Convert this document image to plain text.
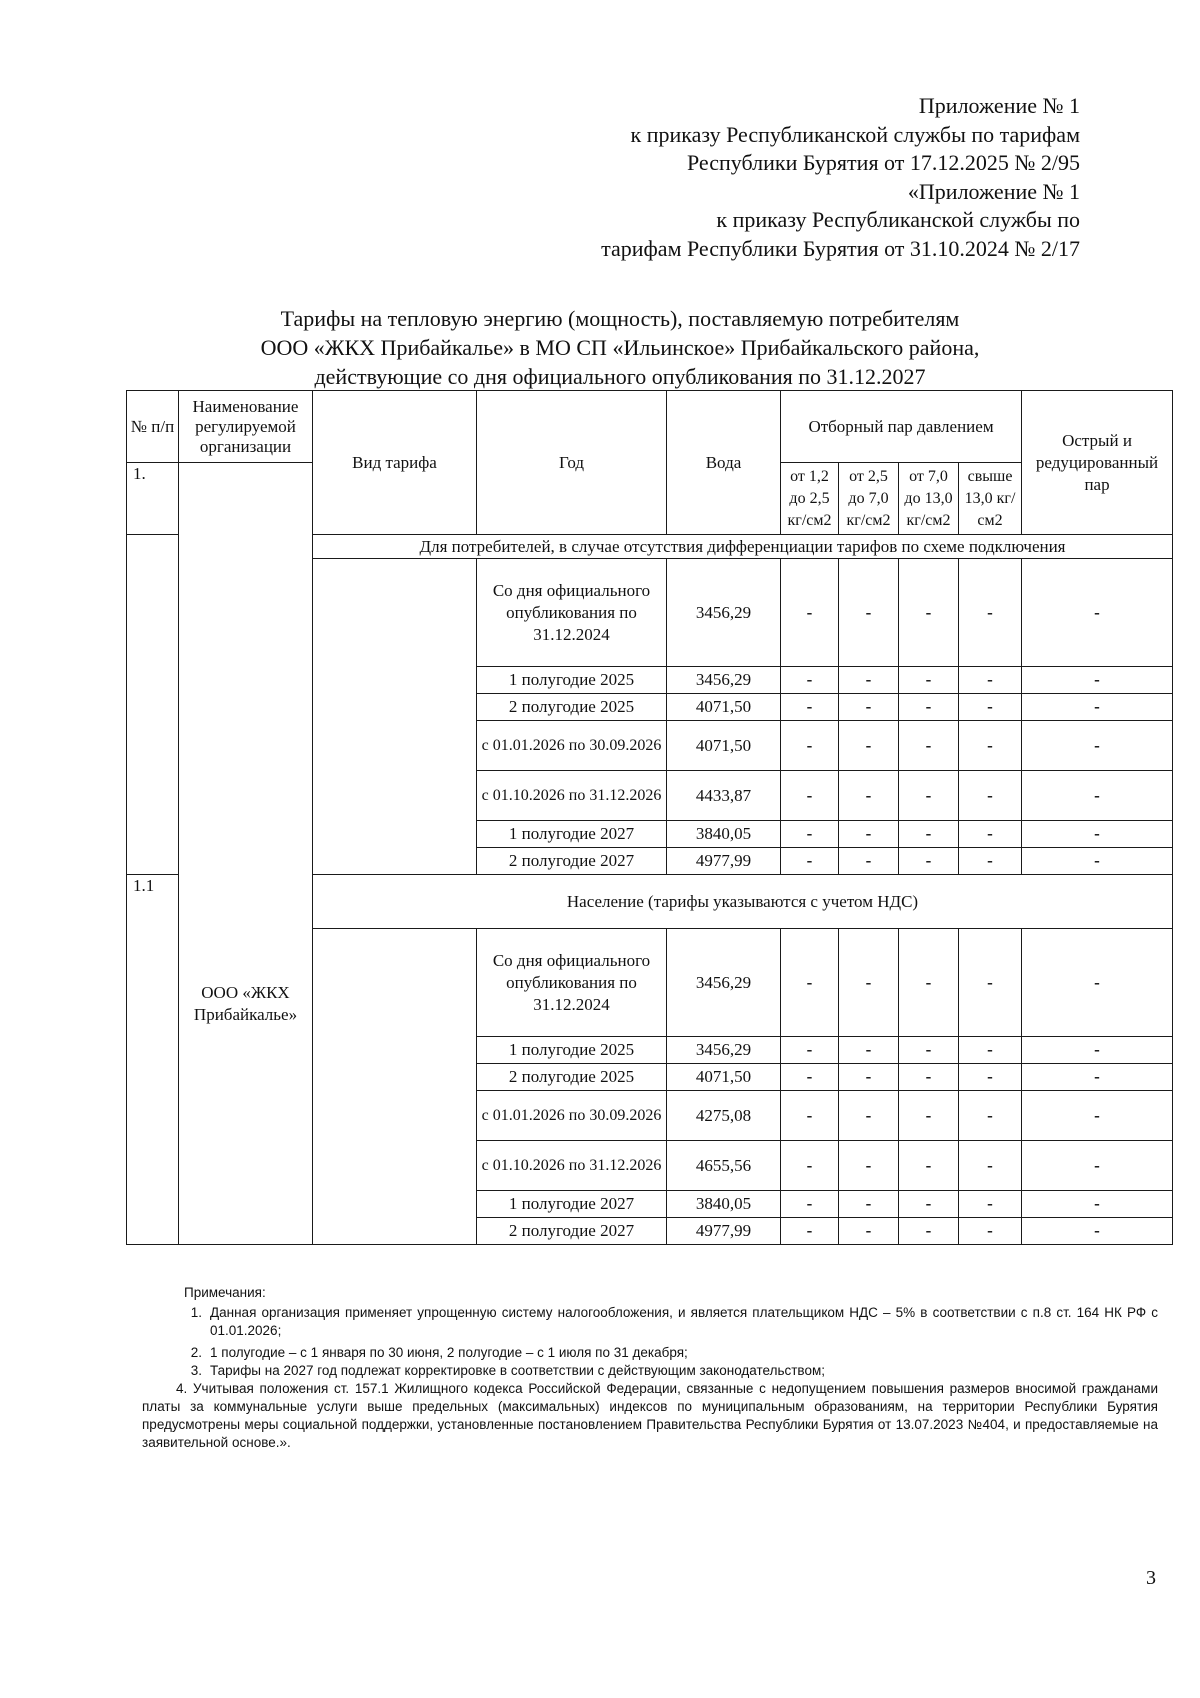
Приложение № 1
к приказу Республиканской службы по тарифам
Республики Бурятия от 17.12.2025 № 2/95
«Приложение № 1
к приказу Республиканской службы по
тарифам Республики Бурятия от 31.10.2024 № 2/17
Тарифы на тепловую энергию (мощность), поставляемую потребителям
ООО «ЖКХ Прибайкалье» в МО СП «Ильинское» Прибайкальского района,
действующие со дня официального опубликования по 31.12.2027
№ п/п	Наименование регулируемой организации	Вид тарифа	Год	Вода	Отборный пар давлением				Острый и редуцированный пар
1.	ООО «ЖКХ Прибайкалье»				от 1,2 до 2,5 кг/см2	от 2,5 до 7,0 кг/см2	от 7,0 до 13,0 кг/см2	свыше 13,0 кг/см2	
		Для потребителей, в случае отсутствия дифференциации тарифов по схеме подключения							
			Со дня официального опубликования по 31.12.2024	3456,29	-	-	-	-	-
			1 полугодие 2025	3456,29	-	-	-	-	-
			2 полугодие 2025	4071,50	-	-	-	-	-
			с 01.01.2026 по 30.09.2026	4071,50	-	-	-	-	-
			с 01.10.2026 по 31.12.2026	4433,87	-	-	-	-	-
			1 полугодие 2027	3840,05	-	-	-	-	-
			2 полугодие 2027	4977,99	-	-	-	-	-
1.1		Население (тарифы указываются с учетом НДС)							
			Со дня официального опубликования по 31.12.2024	3456,29	-	-	-	-	-
			1 полугодие 2025	3456,29	-	-	-	-	-
			2 полугодие 2025	4071,50	-	-	-	-	-
			с 01.01.2026 по 30.09.2026	4275,08	-	-	-	-	-
			с 01.10.2026 по 31.12.2026	4655,56	-	-	-	-	-
			1 полугодие 2027	3840,05	-	-	-	-	-
			2 полугодие 2027	4977,99	-	-	-	-	-
Примечания:
1. Данная организация применяет упрощенную систему налогообложения, и является плательщиком НДС – 5% в соответствии с п.8 ст. 164 НК РФ с 01.01.2026;
2. 1 полугодие – с 1 января по 30 июня, 2 полугодие – с 1 июля по 31 декабря;
3. Тарифы на 2027 год подлежат корректировке в соответствии с действующим законодательством;
4. Учитывая положения ст. 157.1 Жилищного кодекса Российской Федерации, связанные с недопущением повышения размеров вносимой гражданами платы за коммунальные услуги выше предельных (максимальных) индексов по муниципальным образованиям, на территории Республики Бурятия предусмотрены меры социальной поддержки, установленные постановлением Правительства Республики Бурятия от 13.07.2023 №404, и предоставляемые на заявительной основе.».
3
